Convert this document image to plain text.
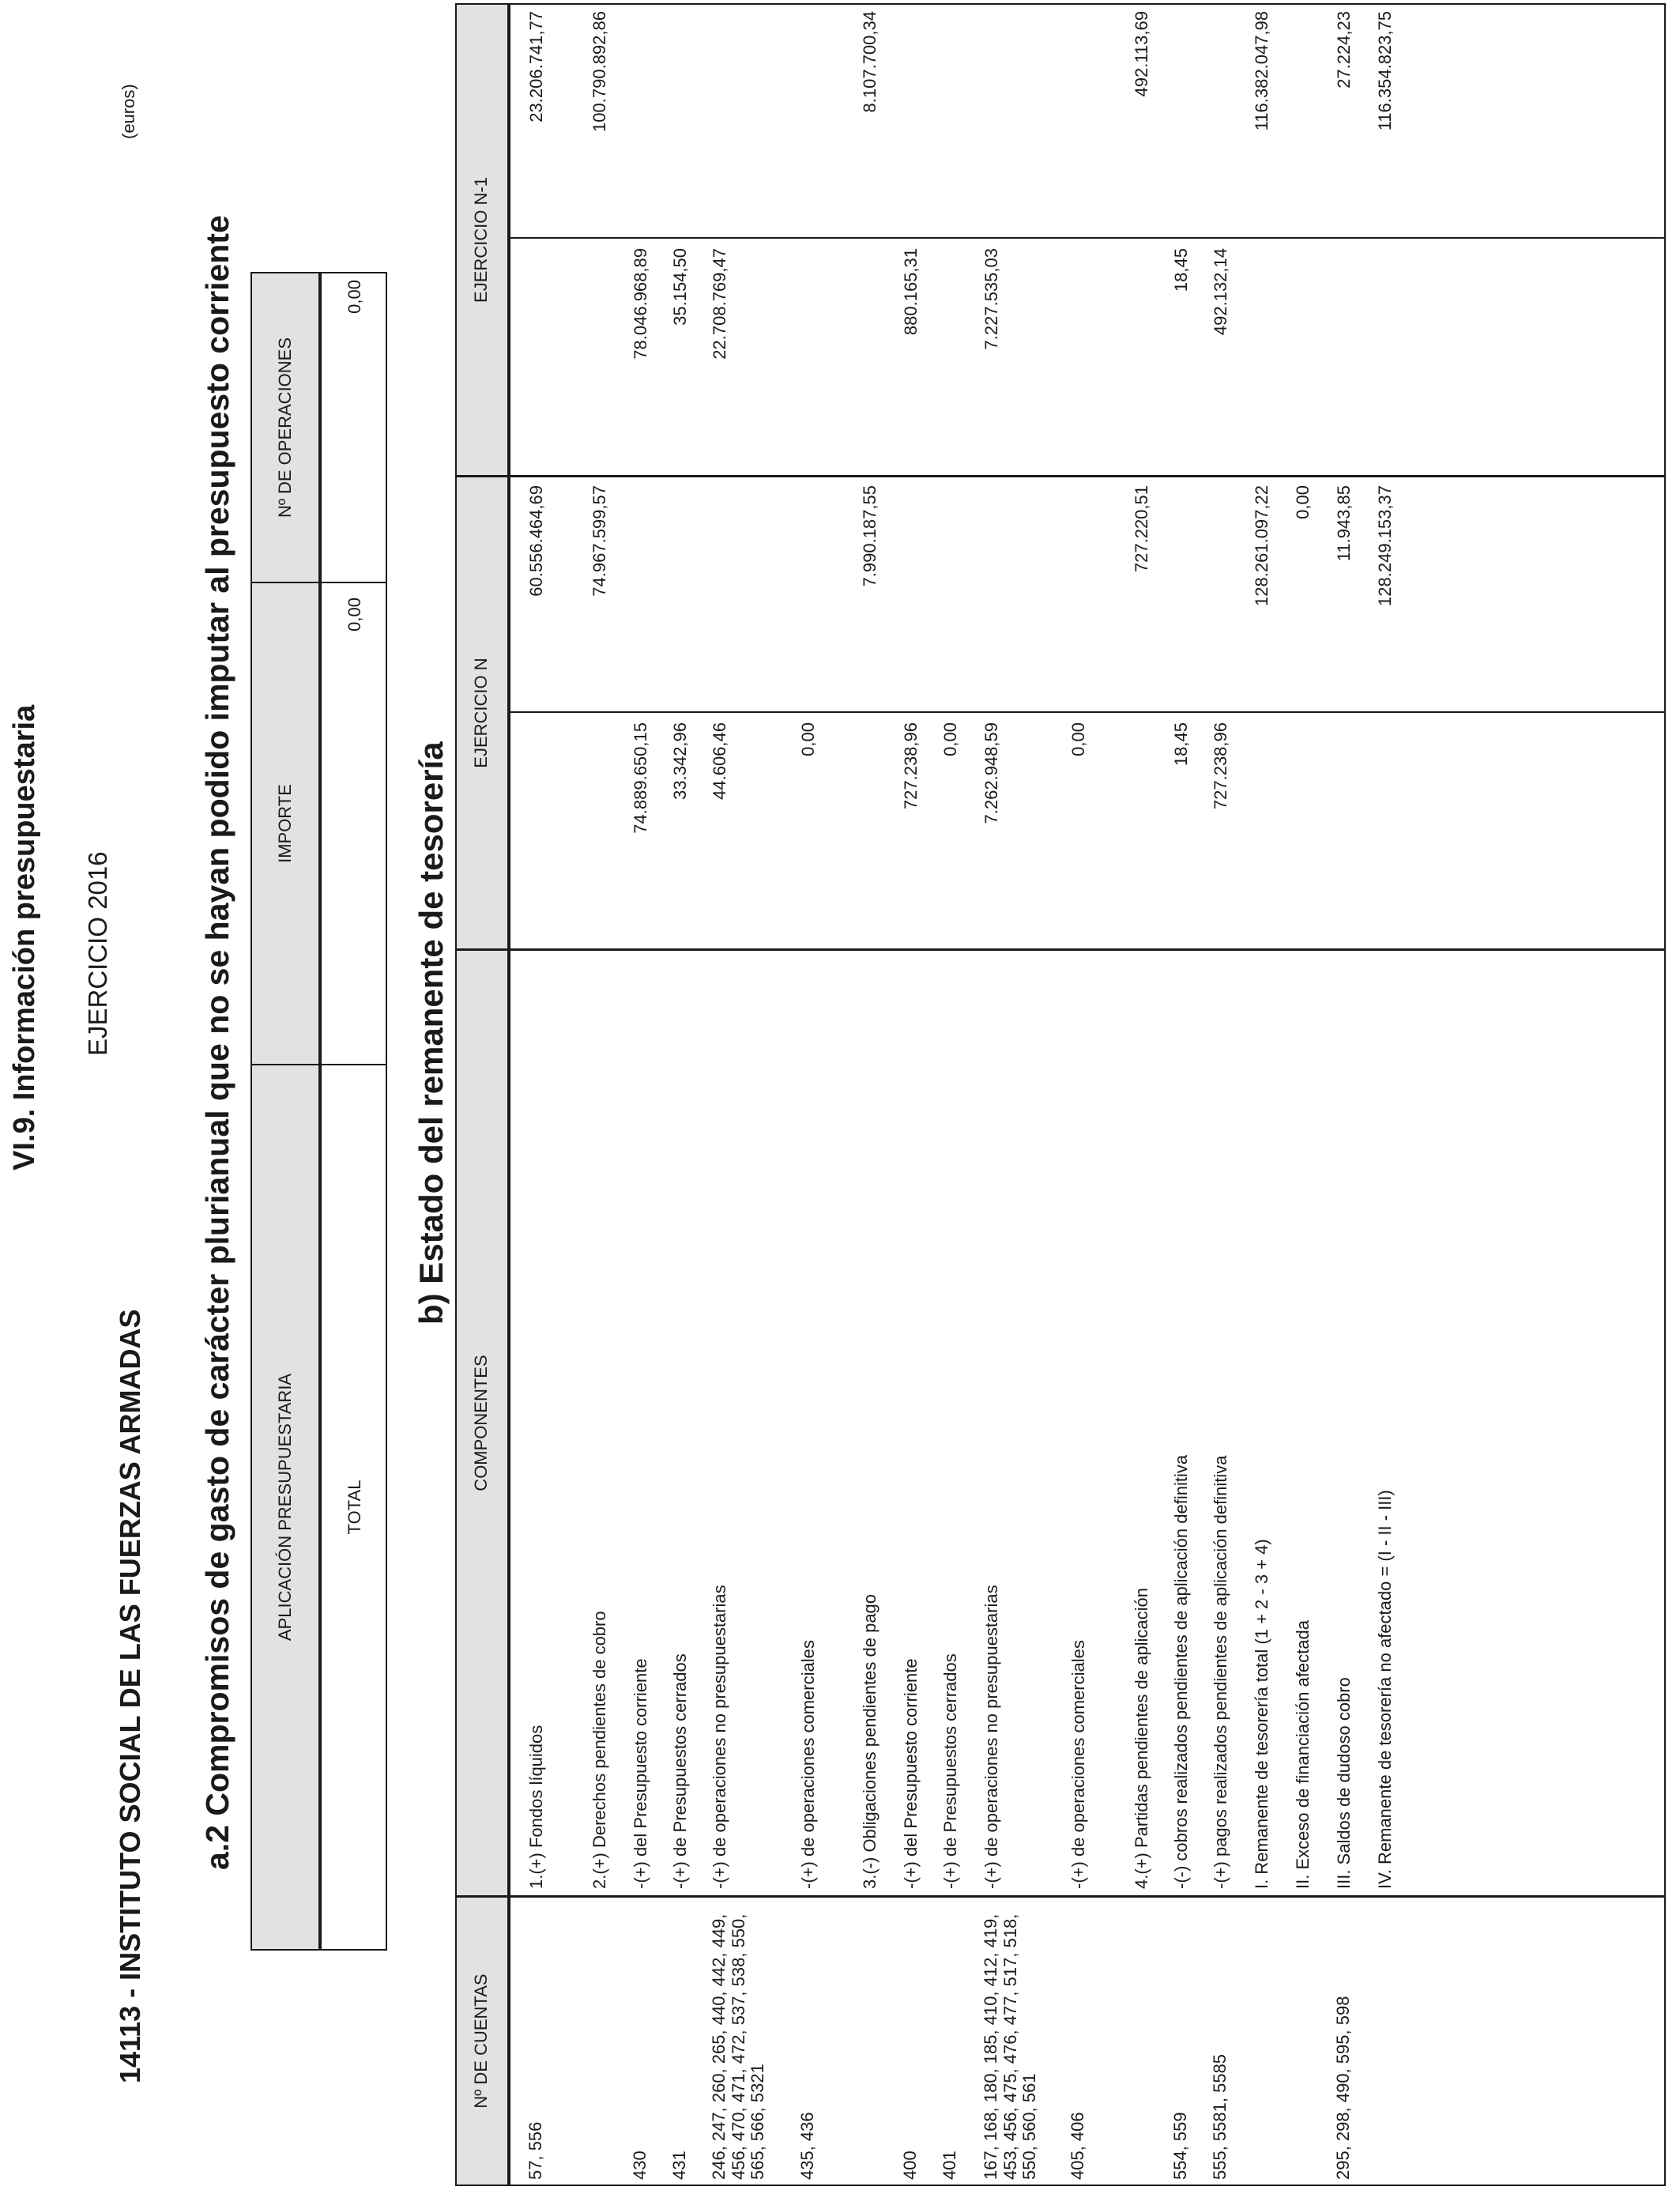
VI.9. Información presupuestaria
14113 - INSTITUTO SOCIAL DE LAS FUERZAS ARMADAS
EJERCICIO 2016
(euros)
a.2 Compromisos de gasto de carácter plurianual que no se hayan podido imputar al presupuesto corriente APLICACIÓN PRESUPUESTARIA
IMPORTE
Nº DE OPERACIONES
TOTAL
0,00
0,00
b) Estado del remanente de tesorería
Nº DE CUENTAS
COMPONENTES
EJERCICIO N
EJERCICIO N-1
57, 556
1.(+) Fondos líquidos
60.556.464,69
23.206.741,77
2.(+) Derechos pendientes de cobro
74.967.599,57
100.790.892,86
430
-(+) del Presupuesto corriente
74.889.650,15
78.046.968,89
431
-(+) de Presupuestos cerrados
33.342,96
35.154,50
246, 247, 260, 265, 440, 442, 449, 456, 470, 471, 472, 537, 538, 550, 565, 566, 5321
-(+) de operaciones no presupuestarias
44.606,46
22.708.769,47
435, 436
-(+) de operaciones comerciales
0,00
3.(-) Obligaciones pendientes de pago
7.990.187,55
8.107.700,34
400
-(+) del Presupuesto corriente
727.238,96
880.165,31
401
-(+) de Presupuestos cerrados
0,00
167, 168, 180, 185, 410, 412, 419, 453, 456, 475, 476, 477, 517, 518, 550, 560, 561
-(+) de operaciones no presupuestarias
7.262.948,59
7.227.535,03
405, 406
-(+) de operaciones comerciales
0,00
4.(+) Partidas pendientes de aplicación
727.220,51
492.113,69
554, 559
-(-) cobros realizados pendientes de aplicación definitiva
18,45
18,45
555, 5581, 5585
-(+) pagos realizados pendientes de aplicación definitiva
727.238,96
492.132,14
I. Remanente de tesorería total (1 + 2 - 3 + 4)
128.261.097,22
116.382.047,98
II. Exceso de financiación afectada
0,00
295, 298, 490, 595, 598
III. Saldos de dudoso cobro
11.943,85
27.224,23
IV. Remanente de tesorería no afectado = (I - II - III)
128.249.153,37
116.354.823,75
